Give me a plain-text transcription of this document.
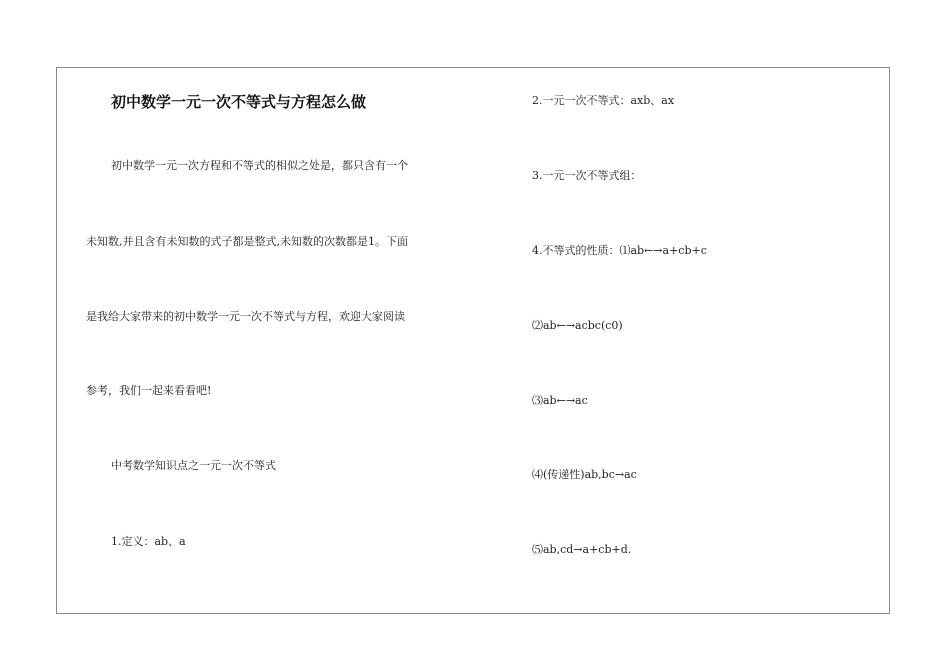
初中数学一元一次不等式与方程怎么做
初中数学一元一次方程和不等式的相似之处是，都只含有一个
未知数,并且含有未知数的式子都是整式,未知数的次数都是1。下面
是我给大家带来的初中数学一元一次不等式与方程，欢迎大家阅读
参考，我们一起来看看吧!
中考数学知识点之一元一次不等式
1.定义：ab、a
2.一元一次不等式：axb、ax
3.一元一次不等式组：
4.不等式的性质：⑴ab←→a+cb+c
⑵ab←→acbc(c0)
⑶ab←→ac
⑷(传递性)ab,bc→ac
⑸ab,cd→a+cb+d.
